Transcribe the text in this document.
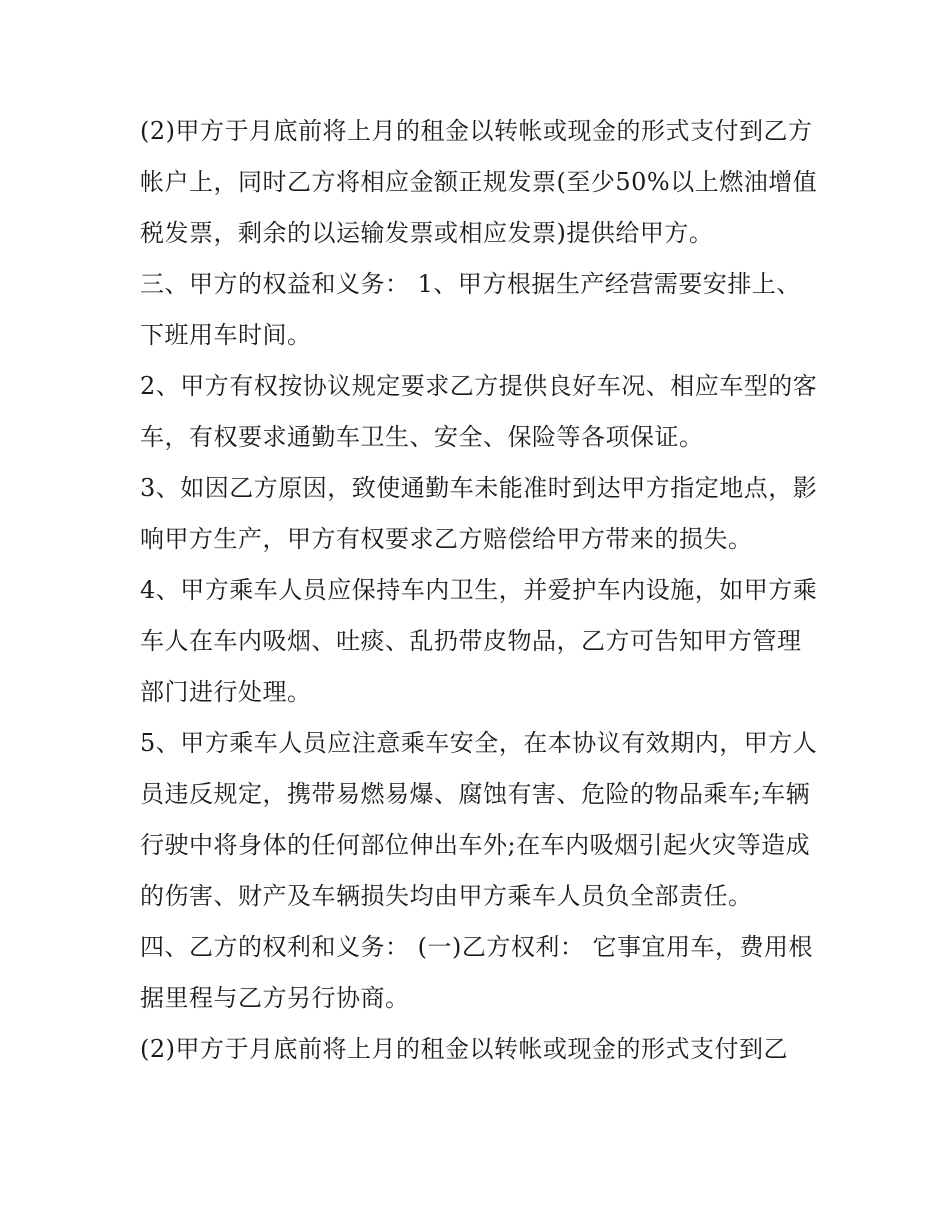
(2)甲方于月底前将上月的租金以转帐或现金的形式支付到乙方帐户上，同时乙方将相应金额正规发票(至少50%以上燃油增值税发票，剩余的以运输发票或相应发票)提供给甲方。

三、甲方的权益和义务： 1、甲方根据生产经营需要安排上、下班用车时间。

2、甲方有权按协议规定要求乙方提供良好车况、相应车型的客车，有权要求通勤车卫生、安全、保险等各项保证。

3、如因乙方原因，致使通勤车未能准时到达甲方指定地点，影响甲方生产，甲方有权要求乙方赔偿给甲方带来的损失。

4、甲方乘车人员应保持车内卫生，并爱护车内设施，如甲方乘车人在车内吸烟、吐痰、乱扔带皮物品，乙方可告知甲方管理部门进行处理。

5、甲方乘车人员应注意乘车安全，在本协议有效期内，甲方人员违反规定，携带易燃易爆、腐蚀有害、危险的物品乘车;车辆行驶中将身体的任何部位伸出车外;在车内吸烟引起火灾等造成的伤害、财产及车辆损失均由甲方乘车人员负全部责任。

四、乙方的权利和义务： (一)乙方权利： 它事宜用车，费用根据里程与乙方另行协商。

(2)甲方于月底前将上月的租金以转帐或现金的形式支付到乙
